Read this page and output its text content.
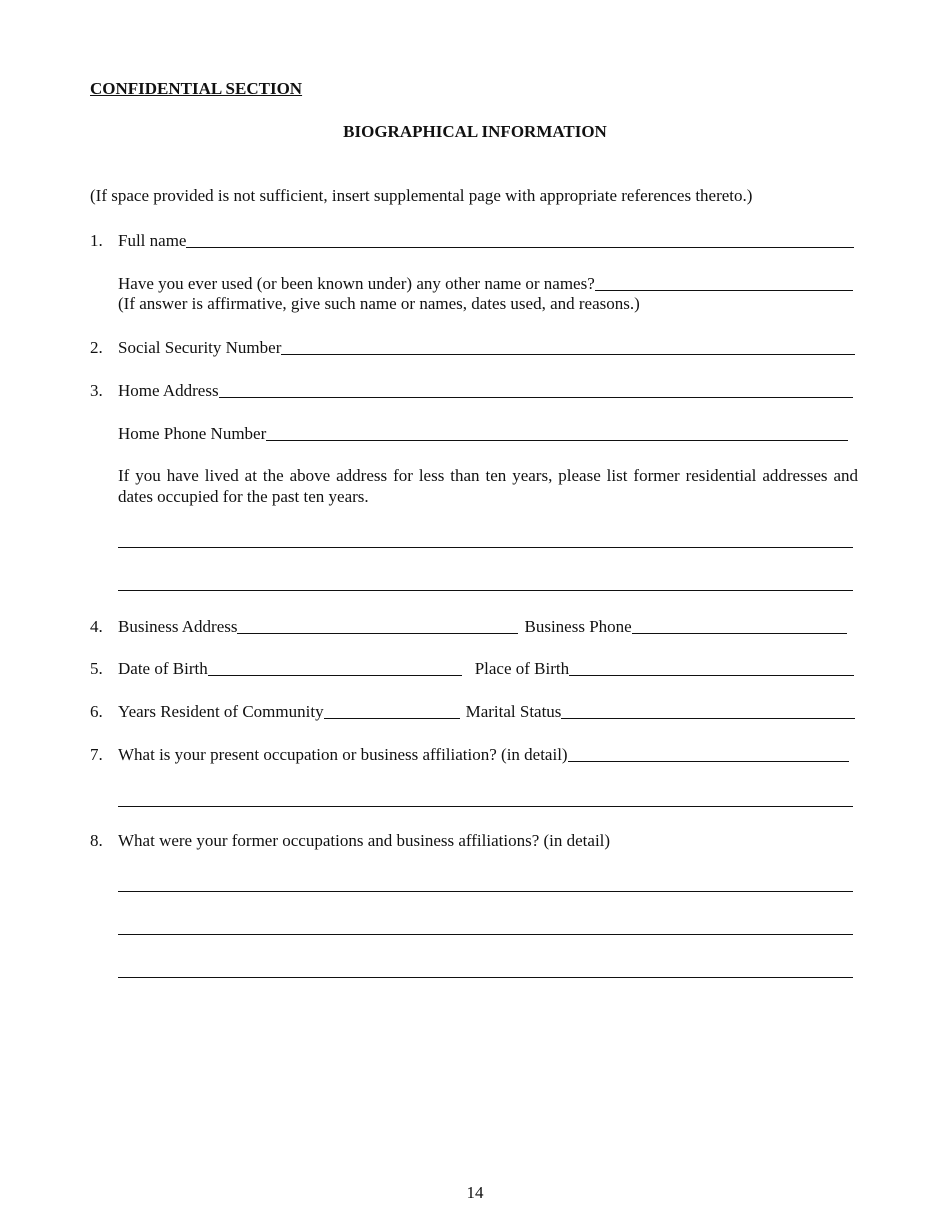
CONFIDENTIAL SECTION
BIOGRAPHICAL INFORMATION
(If space provided is not sufficient, insert supplemental page with appropriate references thereto.)
1. Full name
Have you ever used (or been known under) any other name or names?
(If answer is affirmative, give such name or names, dates used, and reasons.)
2. Social Security Number
3. Home Address
Home Phone Number
If you have lived at the above address for less than ten years, please list former residential addresses and dates occupied for the past ten years.
4. Business Address	Business Phone
5. Date of Birth	Place of Birth
6. Years Resident of Community	Marital Status
7. What is your present occupation or business affiliation? (in detail)
8. What were your former occupations and business affiliations? (in detail)
14
